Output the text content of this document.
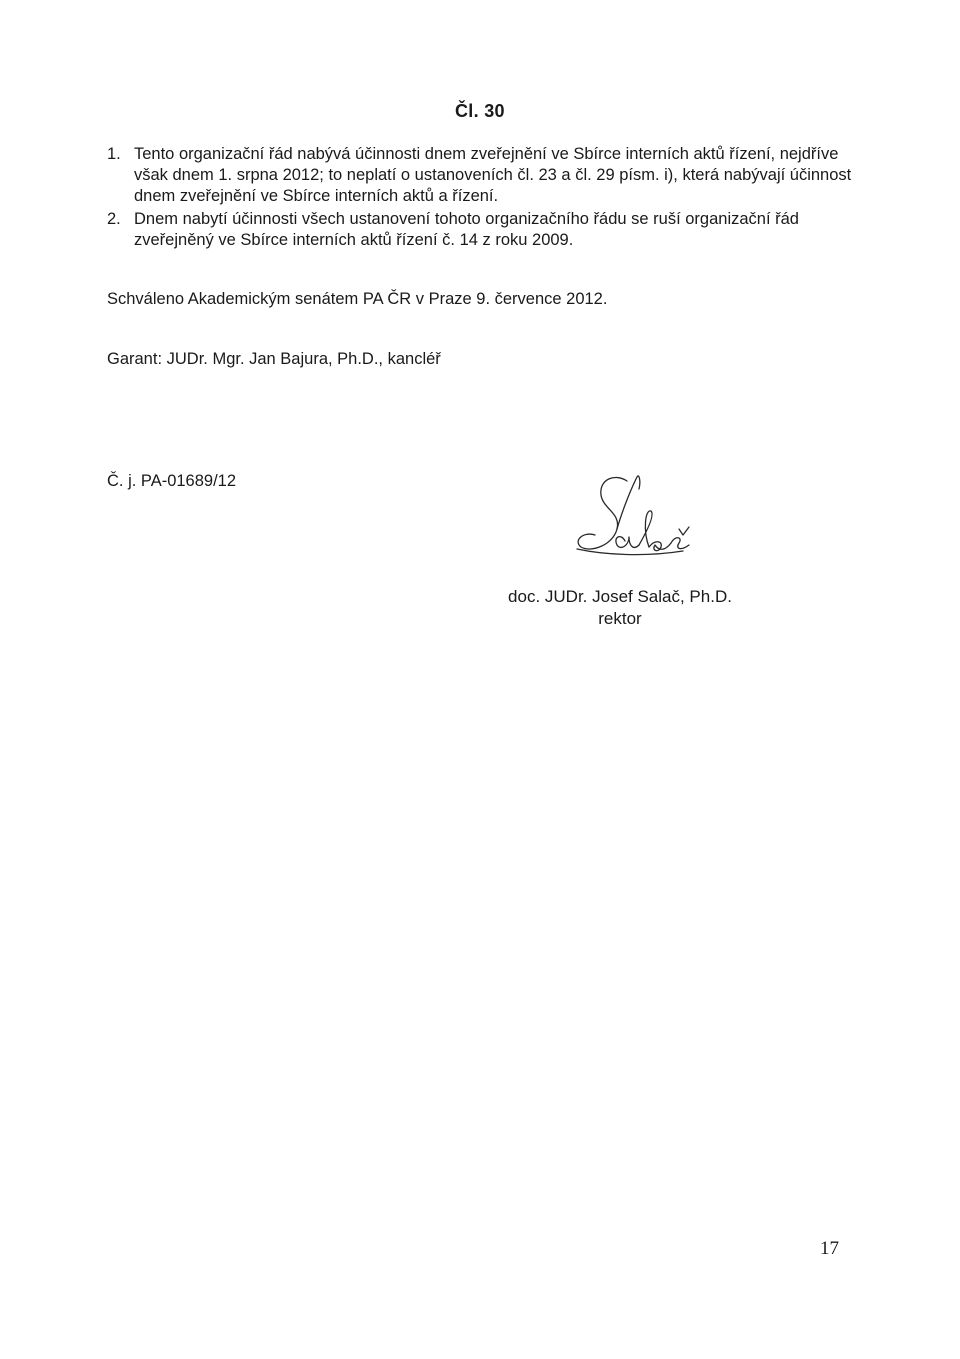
Čl. 30
1. Tento organizační řád nabývá účinnosti dnem zveřejnění ve Sbírce interních aktů řízení, nejdříve však dnem 1. srpna 2012; to neplatí o ustanoveních čl. 23 a čl. 29 písm. i), která nabývají účinnost dnem zveřejnění ve Sbírce interních aktů a řízení.
2. Dnem nabytí účinnosti všech ustanovení tohoto organizačního řádu se ruší organizační řád zveřejněný ve Sbírce interních aktů řízení č. 14 z roku 2009.
Schváleno Akademickým senátem PA ČR v Praze 9. července 2012.
Garant: JUDr. Mgr. Jan Bajura, Ph.D., kancléř
Č. j. PA-01689/12
doc. JUDr. Josef Salač, Ph.D.
rektor
17
